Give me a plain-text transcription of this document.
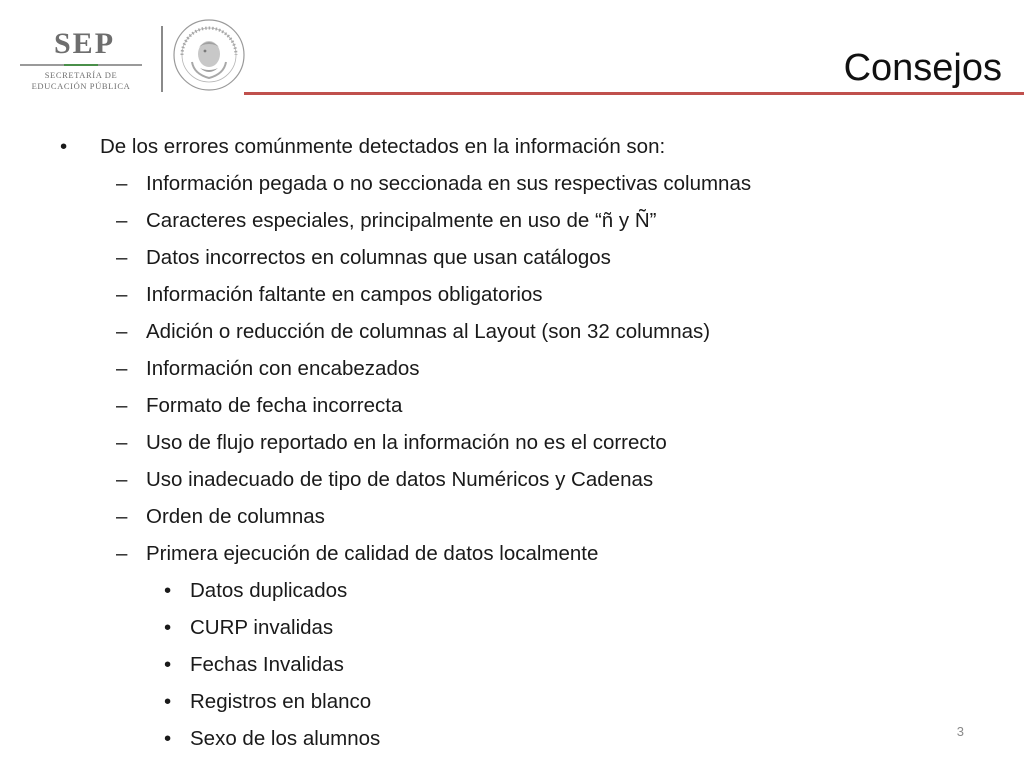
SEP
SECRETARÍA DE
EDUCACIÓN PÚBLICA	Consejos
• De los errores comúnmente detectados en la información son:
– Información pegada o no seccionada en sus respectivas columnas
– Caracteres especiales, principalmente en uso de “ñ y Ñ”
– Datos incorrectos en columnas que usan catálogos
– Información faltante en campos obligatorios
– Adición o reducción de columnas al Layout (son 32 columnas)
– Información con encabezados
– Formato de fecha incorrecta
– Uso de flujo reportado en la información no es el correcto
– Uso inadecuado de tipo de datos Numéricos y Cadenas
– Orden de columnas
– Primera ejecución de calidad de datos localmente
• Datos duplicados
• CURP invalidas
• Fechas Invalidas
• Registros en blanco
• Sexo de los alumnos	3
